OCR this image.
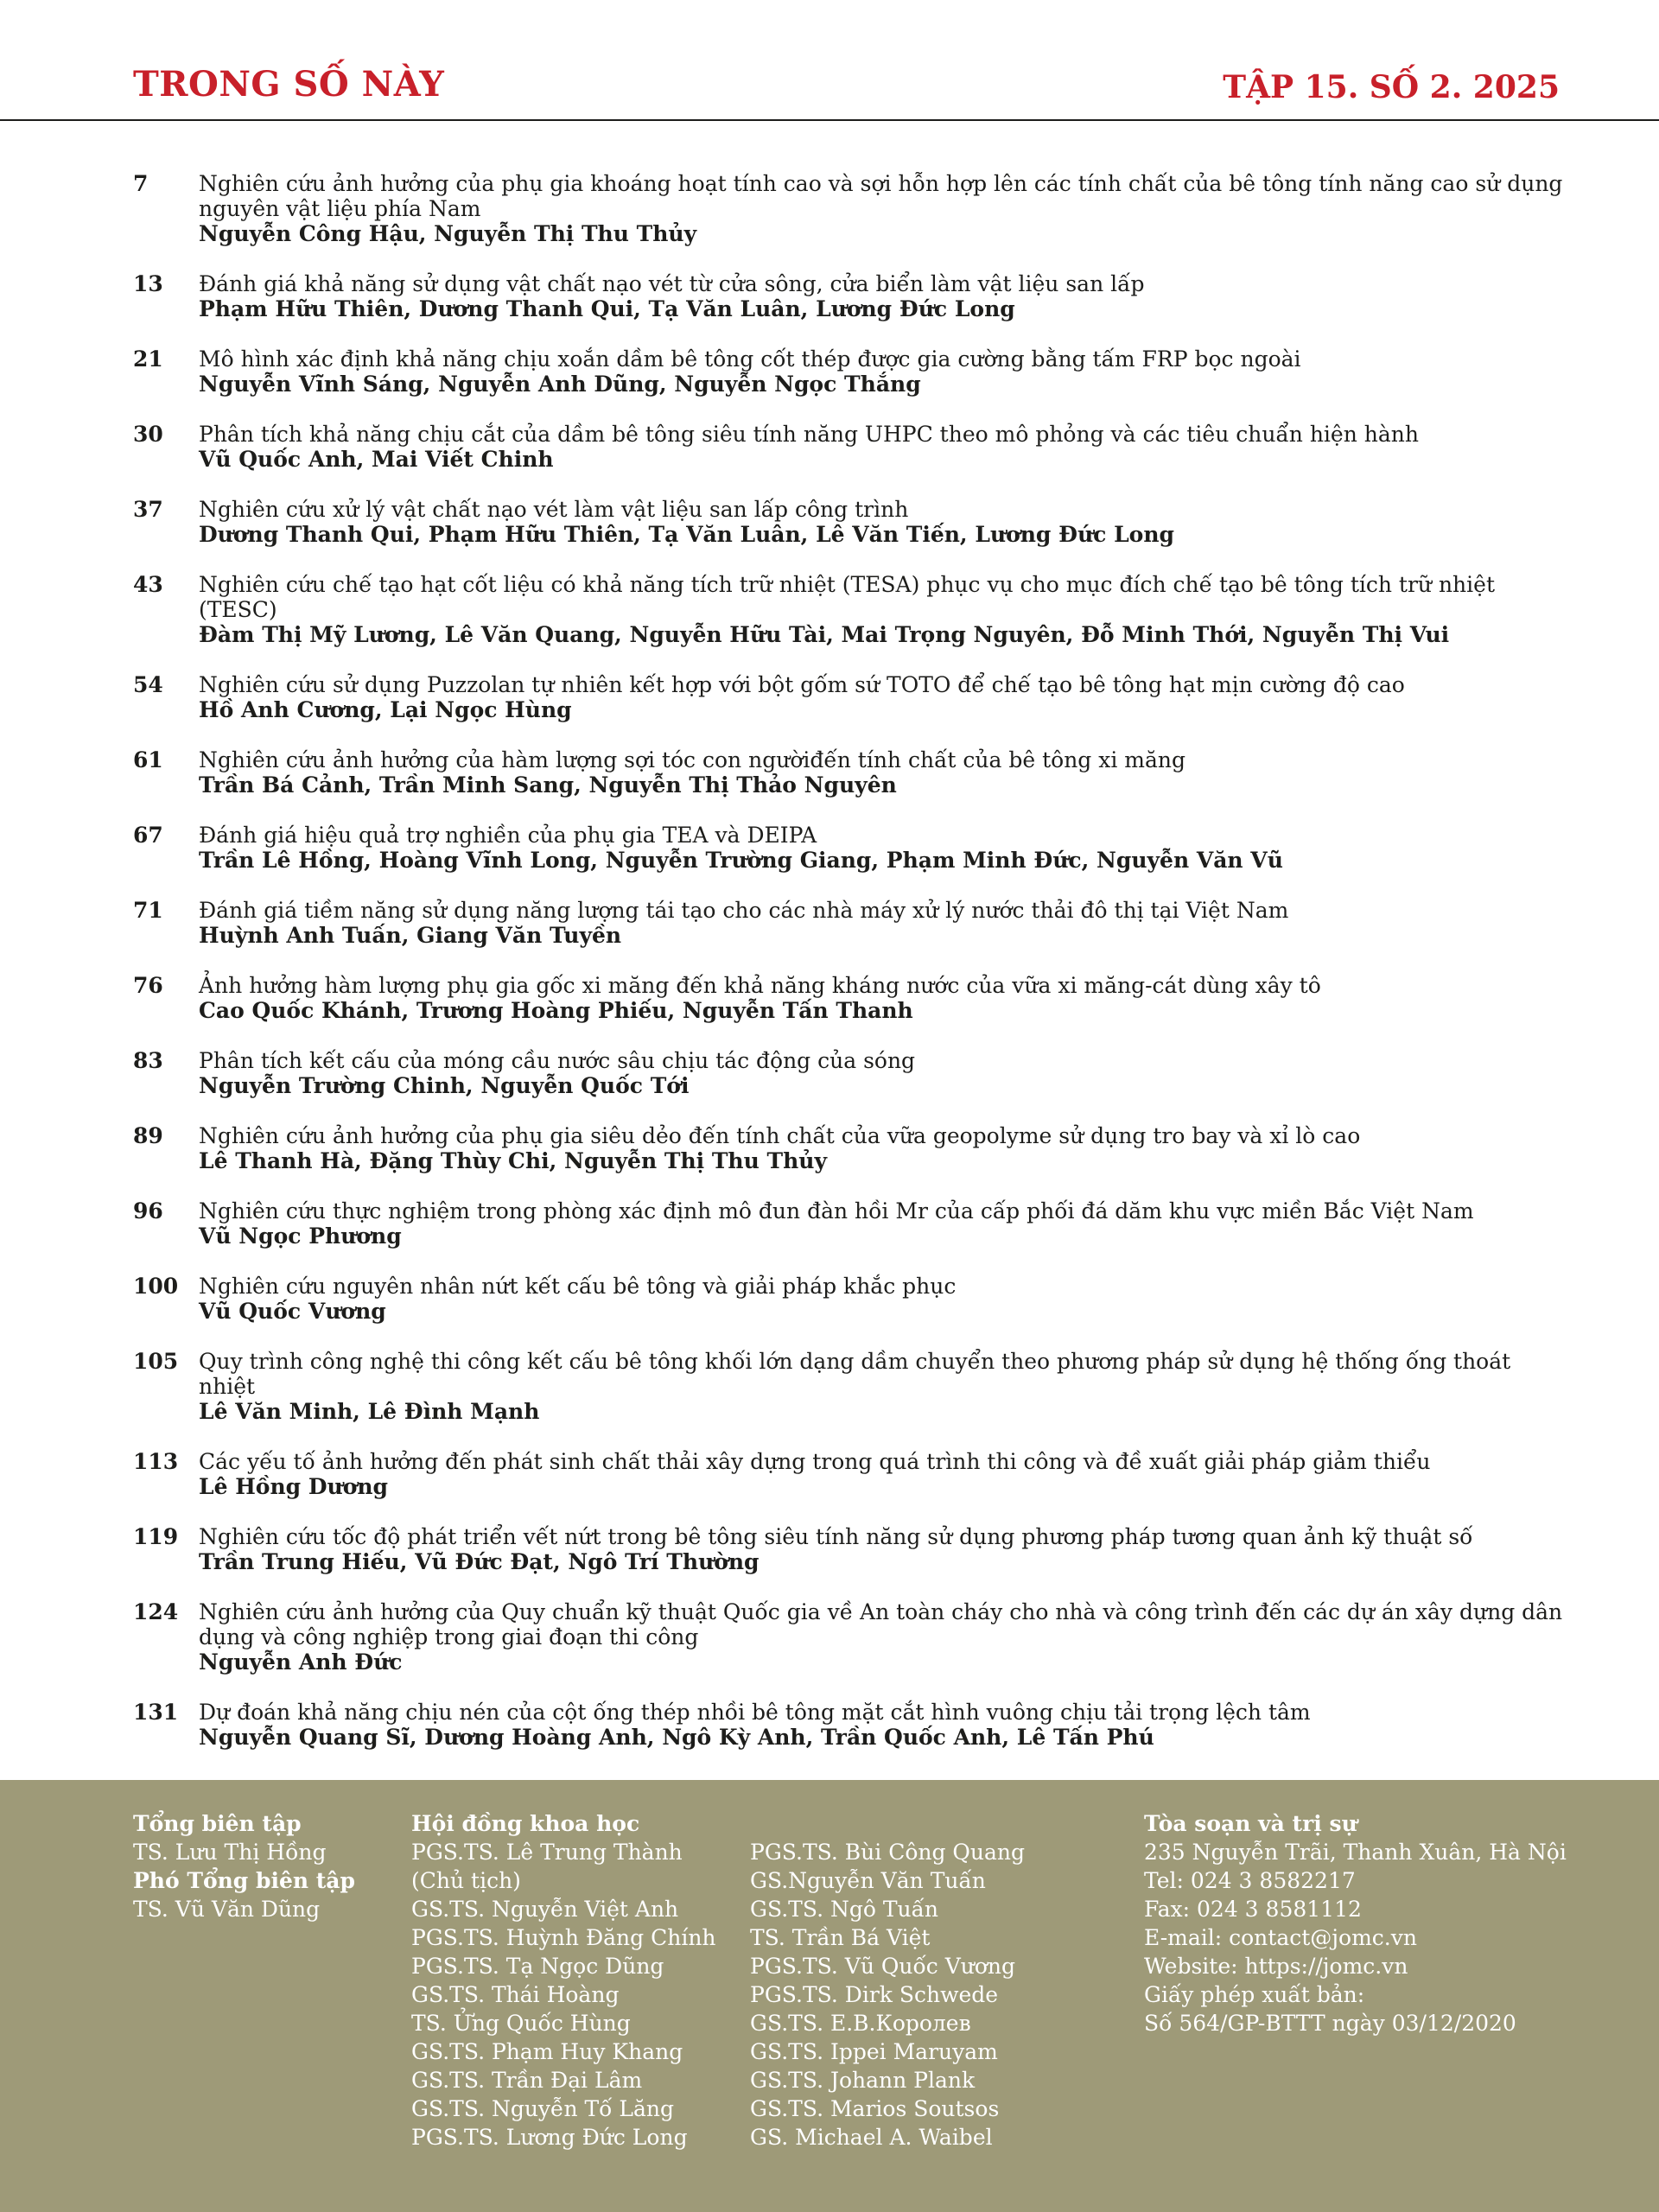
TRONG SỐ NÀY	TẬP 15. SỐ 2. 2025
7	Nghiên cứu ảnh hưởng của phụ gia khoáng hoạt tính cao và sợi hỗn hợp lên các tính chất của bê tông tính năng cao sử dụng nguyên vật liệu phía Nam
Nguyễn Công Hậu, Nguyễn Thị Thu Thủy
13	Đánh giá khả năng sử dụng vật chất nạo vét từ cửa sông, cửa biển làm vật liệu san lấp
Phạm Hữu Thiên, Dương Thanh Qui, Tạ Văn Luân, Lương Đức Long
21	Mô hình xác định khả năng chịu xoắn dầm bê tông cốt thép được gia cường bằng tấm FRP bọc ngoài
Nguyễn Vĩnh Sáng, Nguyễn Anh Dũng, Nguyễn Ngọc Thắng
30	Phân tích khả năng chịu cắt của dầm bê tông siêu tính năng UHPC theo mô phỏng và các tiêu chuẩn hiện hành
Vũ Quốc Anh, Mai Viết Chinh
37	Nghiên cứu xử lý vật chất nạo vét làm vật liệu san lấp công trình
Dương Thanh Qui, Phạm Hữu Thiên, Tạ Văn Luân, Lê Văn Tiến, Lương Đức Long
43	Nghiên cứu chế tạo hạt cốt liệu có khả năng tích trữ nhiệt (TESA) phục vụ cho mục đích chế tạo bê tông tích trữ nhiệt (TESC)
Đàm Thị Mỹ Lương, Lê Văn Quang, Nguyễn Hữu Tài, Mai Trọng Nguyên, Đỗ Minh Thới, Nguyễn Thị Vui
54	Nghiên cứu sử dụng Puzzolan tự nhiên kết hợp với bột gốm sứ TOTO để chế tạo bê tông hạt mịn cường độ cao
Hồ Anh Cương, Lại Ngọc Hùng
61	Nghiên cứu ảnh hưởng của hàm lượng sợi tóc con ngườiđến tính chất của bê tông xi măng
Trần Bá Cảnh, Trần Minh Sang, Nguyễn Thị Thảo Nguyên
67	Đánh giá hiệu quả trợ nghiền của phụ gia TEA và DEIPA
Trần Lê Hồng, Hoàng Vĩnh Long, Nguyễn Trường Giang, Phạm Minh Đức, Nguyễn Văn Vũ
71	Đánh giá tiềm năng sử dụng năng lượng tái tạo cho các nhà máy xử lý nước thải đô thị tại Việt Nam
Huỳnh Anh Tuấn, Giang Văn Tuyền
76	Ảnh hưởng hàm lượng phụ gia gốc xi măng đến khả năng kháng nước của vữa xi măng-cát dùng xây tô
Cao Quốc Khánh, Trương Hoàng Phiếu, Nguyễn Tấn Thanh
83	Phân tích kết cấu của móng cầu nước sâu chịu tác động của sóng
Nguyễn Trường Chinh, Nguyễn Quốc Tới
89	Nghiên cứu ảnh hưởng của phụ gia siêu dẻo đến tính chất của vữa geopolyme sử dụng tro bay và xỉ lò cao
Lê Thanh Hà, Đặng Thùy Chi, Nguyễn Thị Thu Thủy
96	Nghiên cứu thực nghiệm trong phòng xác định mô đun đàn hồi Mr của cấp phối đá dăm khu vực miền Bắc Việt Nam
Vũ Ngọc Phương
100 Nghiên cứu nguyên nhân nứt kết cấu bê tông và giải pháp khắc phục
Vũ Quốc Vương
105 Quy trình công nghệ thi công kết cấu bê tông khối lớn dạng dầm chuyển theo phương pháp sử dụng hệ thống ống thoát nhiệt
Lê Văn Minh, Lê Đình Mạnh
113 Các yếu tố ảnh hưởng đến phát sinh chất thải xây dựng trong quá trình thi công và đề xuất giải pháp giảm thiểu
Lê Hồng Dương
119 Nghiên cứu tốc độ phát triển vết nứt trong bê tông siêu tính năng sử dụng phương pháp tương quan ảnh kỹ thuật số
Trần Trung Hiếu, Vũ Đức Đạt, Ngô Trí Thường
124 Nghiên cứu ảnh hưởng của Quy chuẩn kỹ thuật Quốc gia về An toàn cháy cho nhà và công trình đến các dự án xây dựng dân dụng và công nghiệp trong giai đoạn thi công
Nguyễn Anh Đức
131 Dự đoán khả năng chịu nén của cột ống thép nhồi bê tông mặt cắt hình vuông chịu tải trọng lệch tâm
Nguyễn Quang Sĩ, Dương Hoàng Anh, Ngô Kỳ Anh, Trần Quốc Anh, Lê Tấn Phú
Tổng biên tập
TS. Lưu Thị Hồng
Phó Tổng biên tập
TS. Vũ Văn Dũng
Hội đồng khoa học
PGS.TS. Lê Trung Thành
(Chủ tịch)
GS.TS. Nguyễn Việt Anh
PGS.TS. Huỳnh Đăng Chính
PGS.TS. Tạ Ngọc Dũng
GS.TS. Thái Hoàng
TS. Ửng Quốc Hùng
GS.TS. Phạm Huy Khang
GS.TS. Trần Đại Lâm
GS.TS. Nguyễn Tố Lăng
PGS.TS. Lương Đức Long

PGS.TS. Bùi Công Quang
GS.Nguyễn Văn Tuấn
GS.TS. Ngô Tuấn
TS. Trần Bá Việt
PGS.TS. Vũ Quốc Vương
PGS.TS. Dirk Schwede
GS.TS. E.B.Королев
GS.TS. Ippei Maruyam
GS.TS. Johann Plank
GS.TS. Marios Soutsos
GS. Michael A. Waibel
Tòa soạn và trị sự
235 Nguyễn Trãi, Thanh Xuân, Hà Nội
Tel: 024 3 8582217
Fax: 024 3 8581112
E-mail: contact@jomc.vn
Website: https://jomc.vn
Giấy phép xuất bản:
Số 564/GP-BTTT ngày 03/12/2020
